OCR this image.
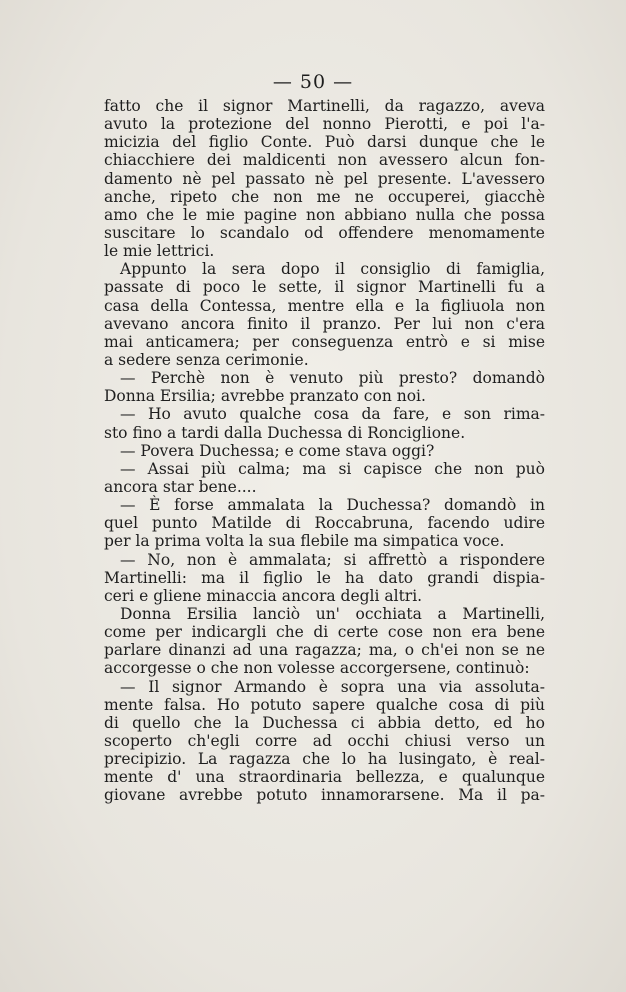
— 50 —
fatto che il signor Martinelli, da ragazzo, aveva
avuto la protezione del nonno Pierotti, e poi l'a-
micizia del figlio Conte. Può darsi dunque che le
chiacchiere dei maldicenti non avessero alcun fon-
damento nè pel passato nè pel presente. L'avessero
anche, ripeto che non me ne occuperei, giacchè
amo che le mie pagine non abbiano nulla che possa
suscitare lo scandalo od offendere menomamente
le mie lettrici.
Appunto la sera dopo il consiglio di famiglia,
passate di poco le sette, il signor Martinelli fu a
casa della Contessa, mentre ella e la figliuola non
avevano ancora finito il pranzo. Per lui non c'era
mai anticamera; per conseguenza entrò e si mise
a sedere senza cerimonie.
— Perchè non è venuto più presto? domandò
Donna Ersilia; avrebbe pranzato con noi.
— Ho avuto qualche cosa da fare, e son rima-
sto fino a tardi dalla Duchessa di Ronciglione.
— Povera Duchessa; e come stava oggi?
— Assai più calma; ma si capisce che non può
ancora star bene....
— È forse ammalata la Duchessa? domandò in
quel punto Matilde di Roccabruna, facendo udire
per la prima volta la sua flebile ma simpatica voce.
— No, non è ammalata; si affrettò a rispondere
Martinelli: ma il figlio le ha dato grandi dispia-
ceri e gliene minaccia ancora degli altri.
Donna Ersilia lanciò un' occhiata a Martinelli,
come per indicargli che di certe cose non era bene
parlare dinanzi ad una ragazza; ma, o ch'ei non se ne
accorgesse o che non volesse accorgersene, continuò:
— Il signor Armando è sopra una via assoluta-
mente falsa. Ho potuto sapere qualche cosa di più
di quello che la Duchessa ci abbia detto, ed ho
scoperto ch'egli corre ad occhi chiusi verso un
precipizio. La ragazza che lo ha lusingato, è real-
mente d' una straordinaria bellezza, e qualunque
giovane avrebbe potuto innamorarsene. Ma il pa-
